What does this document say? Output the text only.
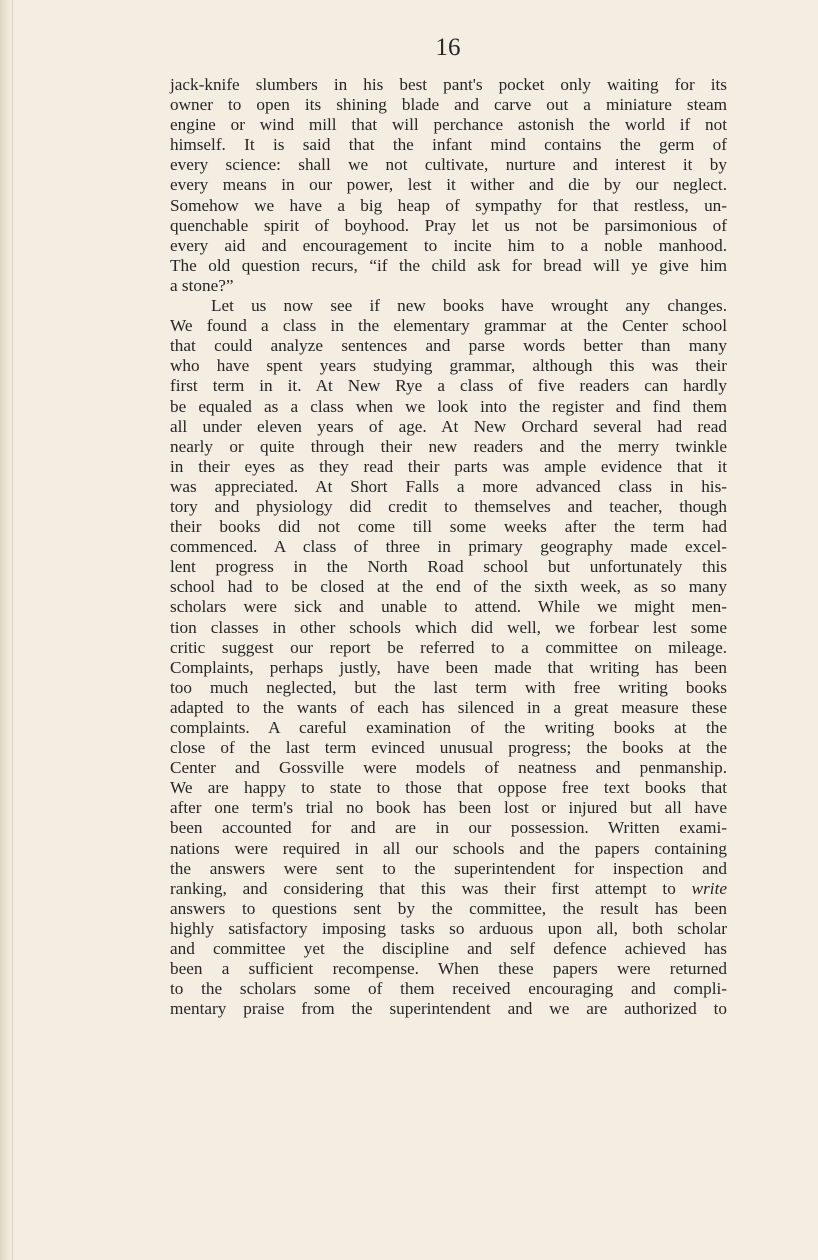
16

jack-knife slumbers in his best pant's pocket only waiting for its
owner to open its shining blade and carve out a miniature steam
engine or wind mill that will perchance astonish the world if not
himself. It is said that the infant mind contains the germ of
every science: shall we not cultivate, nurture and interest it by
every means in our power, lest it wither and die by our neglect.
Somehow we have a big heap of sympathy for that restless, un-
quenchable spirit of boyhood. Pray let us not be parsimonious of
every aid and encouragement to incite him to a noble manhood.
The old question recurs, “if the child ask for bread will ye give him
a stone?”

Let us now see if new books have wrought any changes.
We found a class in the elementary grammar at the Center school
that could analyze sentences and parse words better than many
who have spent years studying grammar, although this was their
first term in it. At New Rye a class of five readers can hardly
be equaled as a class when we look into the register and find them
all under eleven years of age. At New Orchard several had read
nearly or quite through their new readers and the merry twinkle
in their eyes as they read their parts was ample evidence that it
was appreciated. At Short Falls a more advanced class in his-
tory and physiology did credit to themselves and teacher, though
their books did not come till some weeks after the term had
commenced. A class of three in primary geography made excel-
lent progress in the North Road school but unfortunately this
school had to be closed at the end of the sixth week, as so many
scholars were sick and unable to attend. While we might men-
tion classes in other schools which did well, we forbear lest some
critic suggest our report be referred to a committee on mileage.
Complaints, perhaps justly, have been made that writing has been
too much neglected, but the last term with free writing books
adapted to the wants of each has silenced in a great measure these
complaints. A careful examination of the writing books at the
close of the last term evinced unusual progress; the books at the
Center and Gossville were models of neatness and penmanship.
We are happy to state to those that oppose free text books that
after one term's trial no book has been lost or injured but all have
been accounted for and are in our possession. Written exami-
nations were required in all our schools and the papers containing
the answers were sent to the superintendent for inspection and
ranking, and considering that this was their first attempt to write
answers to questions sent by the committee, the result has been
highly satisfactory imposing tasks so arduous upon all, both scholar
and committee yet the discipline and self defence achieved has
been a sufficient recompense. When these papers were returned
to the scholars some of them received encouraging and compli-
mentary praise from the superintendent and we are authorized to
